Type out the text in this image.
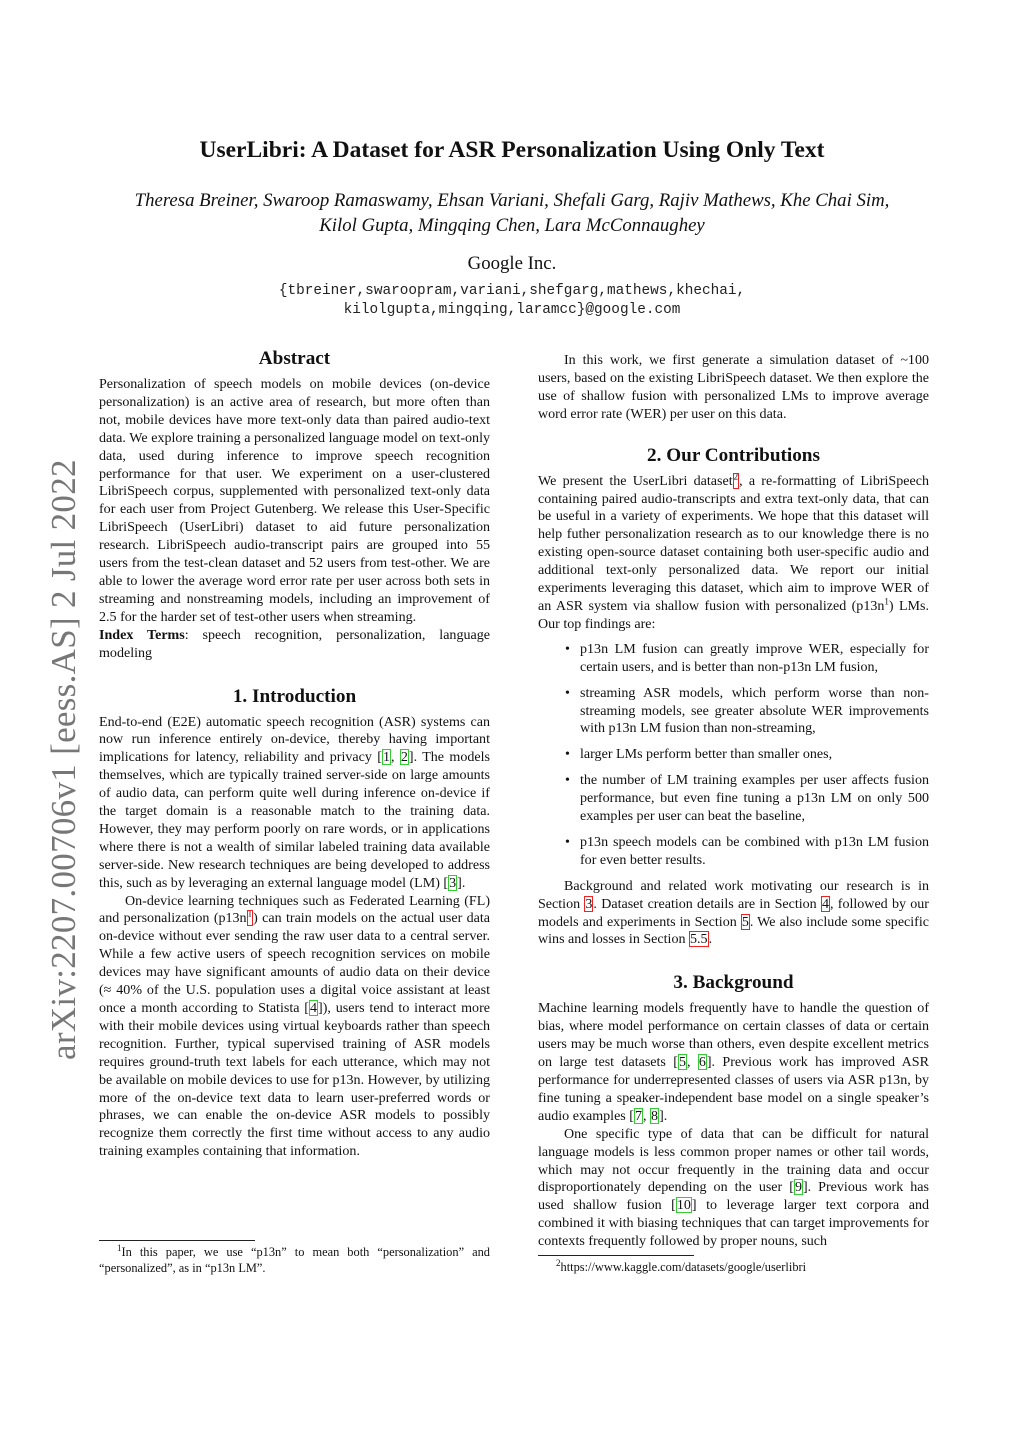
arXiv:2207.00706v1 [eess.AS] 2 Jul 2022
UserLibri: A Dataset for ASR Personalization Using Only Text
Theresa Breiner, Swaroop Ramaswamy, Ehsan Variani, Shefali Garg, Rajiv Mathews, Khe Chai Sim,
Kilol Gupta, Mingqing Chen, Lara McConnaughey
Google Inc.
{tbreiner,swaroopram,variani,shefgarg,mathews,khechai,
kilolgupta,mingqing,laramcc}@google.com
Abstract

Personalization of speech models on mobile devices (on-device personalization) is an active area of research, but more often than not, mobile devices have more text-only data than paired audio-text data. We explore training a personalized language model on text-only data, used during inference to improve speech recognition performance for that user. We experiment on a user-clustered LibriSpeech corpus, supplemented with personalized text-only data for each user from Project Gutenberg. We release this User-Specific LibriSpeech (UserLibri) dataset to aid future personalization research. LibriSpeech audio-transcript pairs are grouped into 55 users from the test-clean dataset and 52 users from test-other. We are able to lower the average word error rate per user across both sets in streaming and nonstreaming models, including an improvement of 2.5 for the harder set of test-other users when streaming.

Index Terms: speech recognition, personalization, language modeling

1. Introduction

End-to-end (E2E) automatic speech recognition (ASR) systems can now run inference entirely on-device, thereby having important implications for latency, reliability and privacy [1, 2]. The models themselves, which are typically trained server-side on large amounts of audio data, can perform quite well during inference on-device if the target domain is a reasonable match to the training data. However, they may perform poorly on rare words, or in applications where there is not a wealth of similar labeled training data available server-side. New research techniques are being developed to address this, such as by leveraging an external language model (LM) [3].

On-device learning techniques such as Federated Learning (FL) and personalization $(p13n^1)$ can train models on the actual user data on-device without ever sending the raw user data to a central server. While a few active users of speech recognition services on mobile devices may have significant amounts of audio data on their device (≈ 40% of the U.S. population uses a digital voice assistant at least once a month according to Statista [4]), users tend to interact more with their mobile devices using virtual keyboards rather than speech recognition. Further, typical supervised training of ASR models requires ground-truth text labels for each utterance, which may not be available on mobile devices to use for p13n. However, by utilizing more of the on-device text data to learn user-preferred words or phrases, we can enable the on-device ASR models to possibly recognize them correctly the first time without access to any audio training examples containing that information.

$^1$In this paper, we use “p13n” to mean both “personalization” and “personalized”, as in “p13n LM”.

In this work, we first generate a simulation dataset of ~100 users, based on the existing LibriSpeech dataset. We then explore the use of shallow fusion with personalized LMs to improve average word error rate (WER) per user on this data.

2. Our Contributions

We present the UserLibri dataset$^2$, a re-formatting of LibriSpeech containing paired audio-transcripts and extra text-only data, that can be useful in a variety of experiments. We hope that this dataset will help futher personalization research as to our knowledge there is no existing open-source dataset containing both user-specific audio and additional text-only personalized data. We report our initial experiments leveraging this dataset, which aim to improve WER of an ASR system via shallow fusion with personalized $(p13n^1)$ LMs. Our top findings are:

• p13n LM fusion can greatly improve WER, especially for certain users, and is better than non-p13n LM fusion,
• streaming ASR models, which perform worse than non-streaming models, see greater absolute WER improvements with p13n LM fusion than non-streaming,
• larger LMs perform better than smaller ones,
• the number of LM training examples per user affects fusion performance, but even fine tuning a p13n LM on only 500 examples per user can beat the baseline,
• p13n speech models can be combined with p13n LM fusion for even better results.

Background and related work motivating our research is in Section 3. Dataset creation details are in Section 4, followed by our models and experiments in Section 5. We also include some specific wins and losses in Section 5.5.

3. Background

Machine learning models frequently have to handle the question of bias, where model performance on certain classes of data or certain users may be much worse than others, even despite excellent metrics on large test datasets [5, 6]. Previous work has improved ASR performance for underrepresented classes of users via ASR p13n, by fine tuning a speaker-independent base model on a single speaker’s audio examples [7, 8].

One specific type of data that can be difficult for natural language models is less common proper names or other tail words, which may not occur frequently in the training data and occur disproportionately depending on the user [9]. Previous work has used shallow fusion [10] to leverage larger text corpora and combined it with biasing techniques that can target improvements for contexts frequently followed by proper nouns, such

$^2$https://www.kaggle.com/datasets/google/userlibri
